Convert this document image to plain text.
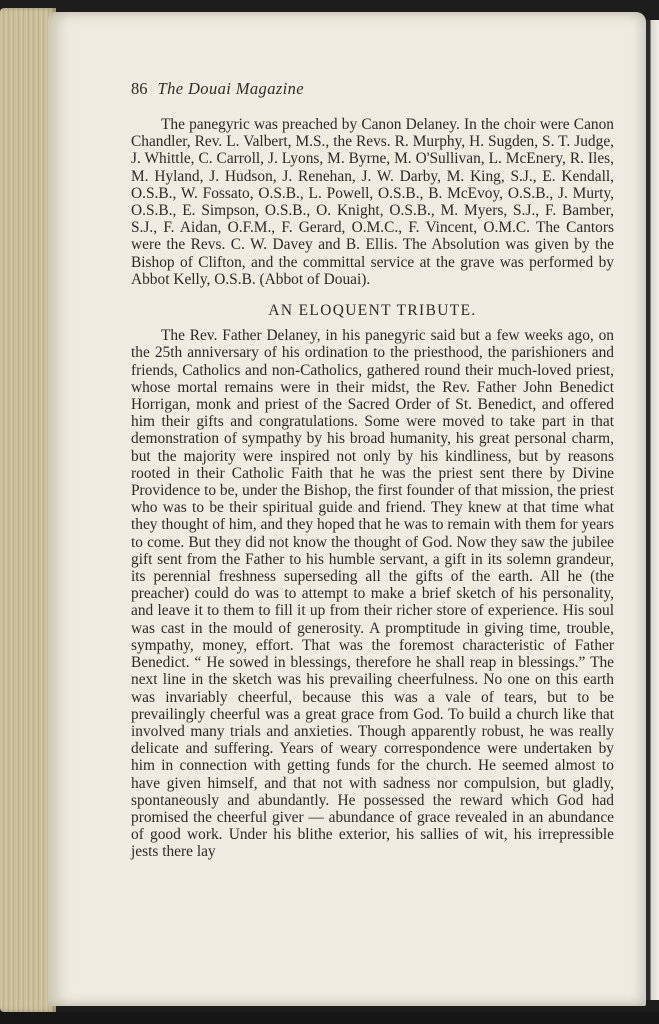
86 The Douai Magazine

The panegyric was preached by Canon Delaney. In the choir were Canon Chandler, Rev. L. Valbert, M.S., the Revs. R. Murphy, H. Sugden, S. T. Judge, J. Whittle, C. Carroll, J. Lyons, M. Byrne, M. O'Sullivan, L. McEnery, R. Iles, M. Hyland, J. Hudson, J. Renehan, J. W. Darby, M. King, S.J., E. Kendall, O.S.B., W. Fossato, O.S.B., L. Powell, O.S.B., B. McEvoy, O.S.B., J. Murty, O.S.B., E. Simpson, O.S.B., O. Knight, O.S.B., M. Myers, S.J., F. Bamber, S.J., F. Aidan, O.F.M., F. Gerard, O.M.C., F. Vincent, O.M.C. The Cantors were the Revs. C. W. Davey and B. Ellis. The Absolution was given by the Bishop of Clifton, and the committal service at the grave was performed by Abbot Kelly, O.S.B. (Abbot of Douai).

AN ELOQUENT TRIBUTE.

The Rev. Father Delaney, in his panegyric said but a few weeks ago, on the 25th anniversary of his ordination to the priesthood, the parishioners and friends, Catholics and non-Catholics, gathered round their much-loved priest, whose mortal remains were in their midst, the Rev. Father John Benedict Horrigan, monk and priest of the Sacred Order of St. Benedict, and offered him their gifts and congratulations. Some were moved to take part in that demonstration of sympathy by his broad humanity, his great personal charm, but the majority were inspired not only by his kindliness, but by reasons rooted in their Catholic Faith that he was the priest sent there by Divine Providence to be, under the Bishop, the first founder of that mission, the priest who was to be their spiritual guide and friend. They knew at that time what they thought of him, and they hoped that he was to remain with them for years to come. But they did not know the thought of God. Now they saw the jubilee gift sent from the Father to his humble servant, a gift in its solemn grandeur, its perennial freshness superseding all the gifts of the earth. All he (the preacher) could do was to attempt to make a brief sketch of his personality, and leave it to them to fill it up from their richer store of experience. His soul was cast in the mould of generosity. A promptitude in giving time, trouble, sympathy, money, effort. That was the foremost characteristic of Father Benedict. “ He sowed in blessings, therefore he shall reap in blessings.” The next line in the sketch was his prevailing cheerfulness. No one on this earth was invariably cheerful, because this was a vale of tears, but to be prevailingly cheerful was a great grace from God. To build a church like that involved many trials and anxieties. Though apparently robust, he was really delicate and suffering. Years of weary correspondence were undertaken by him in connection with getting funds for the church. He seemed almost to have given himself, and that not with sadness nor compulsion, but gladly, spontaneously and abundantly. He possessed the reward which God had promised the cheerful giver — abundance of grace revealed in an abundance of good work. Under his blithe exterior, his sallies of wit, his irrepressible jests there lay
